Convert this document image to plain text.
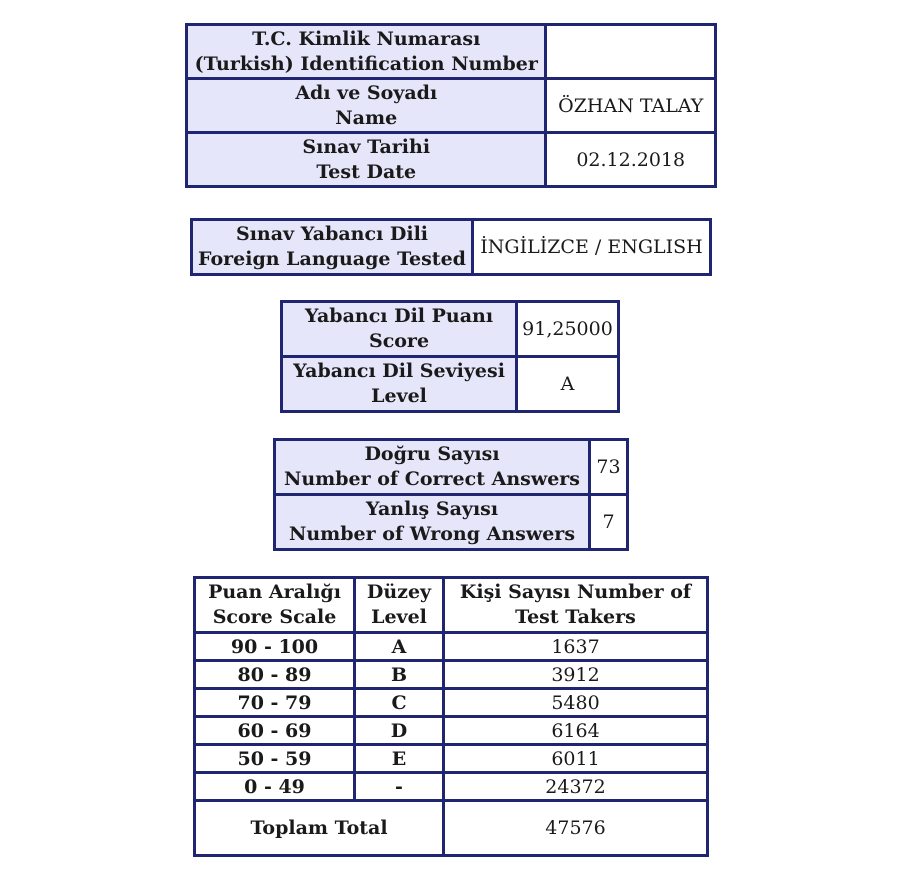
T.C. Kimlik Numarası
(Turkish) Identification Number	

Adı ve Soyadı
Name	ÖZHAN TALAY

Sınav Tarihi
Test Date	02.12.2018
Sınav Yabancı Dili
Foreign Language Tested
	İNGİLİZCE / ENGLISH
Yabancı Dil Puanı
Score	91,25000

Yabancı Dil Seviyesi
Level	A
Doğru Sayısı
Number of Correct Answers	73

Yanlış Sayısı
Number of Wrong Answers	7
Puan Aralığı Score Scale	Düzey Level	Kişi Sayısı Number of Test Takers
90 - 100	A	1637
80 - 89	B	3912
70 - 79	C	5480
60 - 69	D	6164
50 - 59	E	6011
0 - 49	-	24372
Toplam Total		47576
